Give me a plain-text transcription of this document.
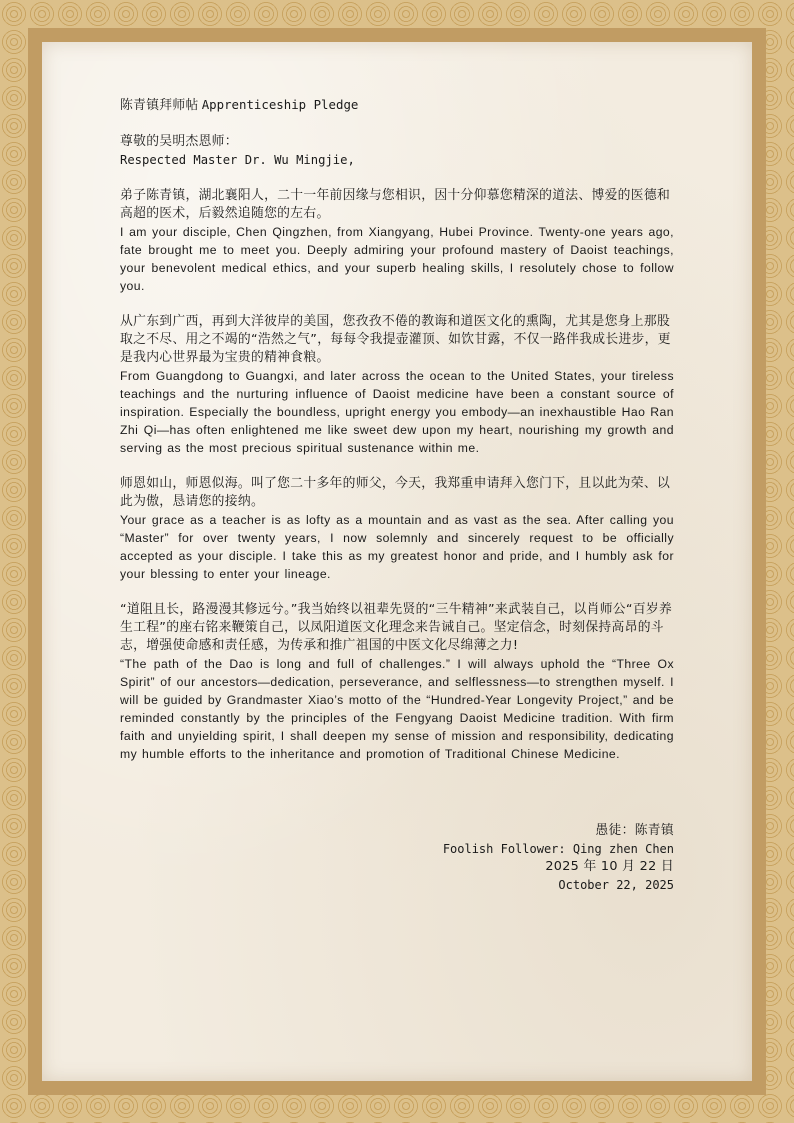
陈青镇拜师帖 Apprenticeship Pledge

尊敬的吴明杰恩师：

Respected Master Dr. Wu Mingjie,

弟子陈青镇，湖北襄阳人，二十一年前因缘与您相识，因十分仰慕您精深的道法、博爱的医德和高超的医术，后毅然追随您的左右。

I am your disciple, Chen Qingzhen, from Xiangyang, Hubei Province. Twenty-one years ago, fate brought me to meet you. Deeply admiring your profound mastery of Daoist teachings, your benevolent medical ethics, and your superb healing skills, I resolutely chose to follow you.

从广东到广西，再到大洋彼岸的美国，您孜孜不倦的教诲和道医文化的熏陶，尤其是您身上那股取之不尽、用之不竭的“浩然之气”，每每令我提壶灌顶、如饮甘露，不仅一路伴我成长进步，更是我内心世界最为宝贵的精神食粮。

From Guangdong to Guangxi, and later across the ocean to the United States, your tireless teachings and the nurturing influence of Daoist medicine have been a constant source of inspiration. Especially the boundless, upright energy you embody—an inexhaustible Hao Ran Zhi Qi—has often enlightened me like sweet dew upon my heart, nourishing my growth and serving as the most precious spiritual sustenance within me.

师恩如山，师恩似海。叫了您二十多年的师父，今天，我郑重申请拜入您门下，且以此为荣、以此为傲，恳请您的接纳。

Your grace as a teacher is as lofty as a mountain and as vast as the sea. After calling you “Master” for over twenty years, I now solemnly and sincerely request to be officially accepted as your disciple. I take this as my greatest honor and pride, and I humbly ask for your blessing to enter your lineage.

“道阻且长，路漫漫其修远兮。”我当始终以祖辈先贤的“三牛精神”来武装自己，以肖师公“百岁养生工程”的座右铭来鞭策自己，以凤阳道医文化理念来告诫自己。坚定信念，时刻保持高昂的斗志，增强使命感和责任感，为传承和推广祖国的中医文化尽绵薄之力!

“The path of the Dao is long and full of challenges.” I will always uphold the “Three Ox Spirit” of our ancestors—dedication, perseverance, and selflessness—to strengthen myself. I will be guided by Grandmaster Xiao’s motto of the “Hundred-Year Longevity Project,” and be reminded constantly by the principles of the Fengyang Daoist Medicine tradition. With firm faith and unyielding spirit, I shall deepen my sense of mission and responsibility, dedicating my humble efforts to the inheritance and promotion of Traditional Chinese Medicine.

愚徒：陈青镇

Foolish Follower: Qing zhen Chen

2025 年 10 月 22 日

October 22, 2025
